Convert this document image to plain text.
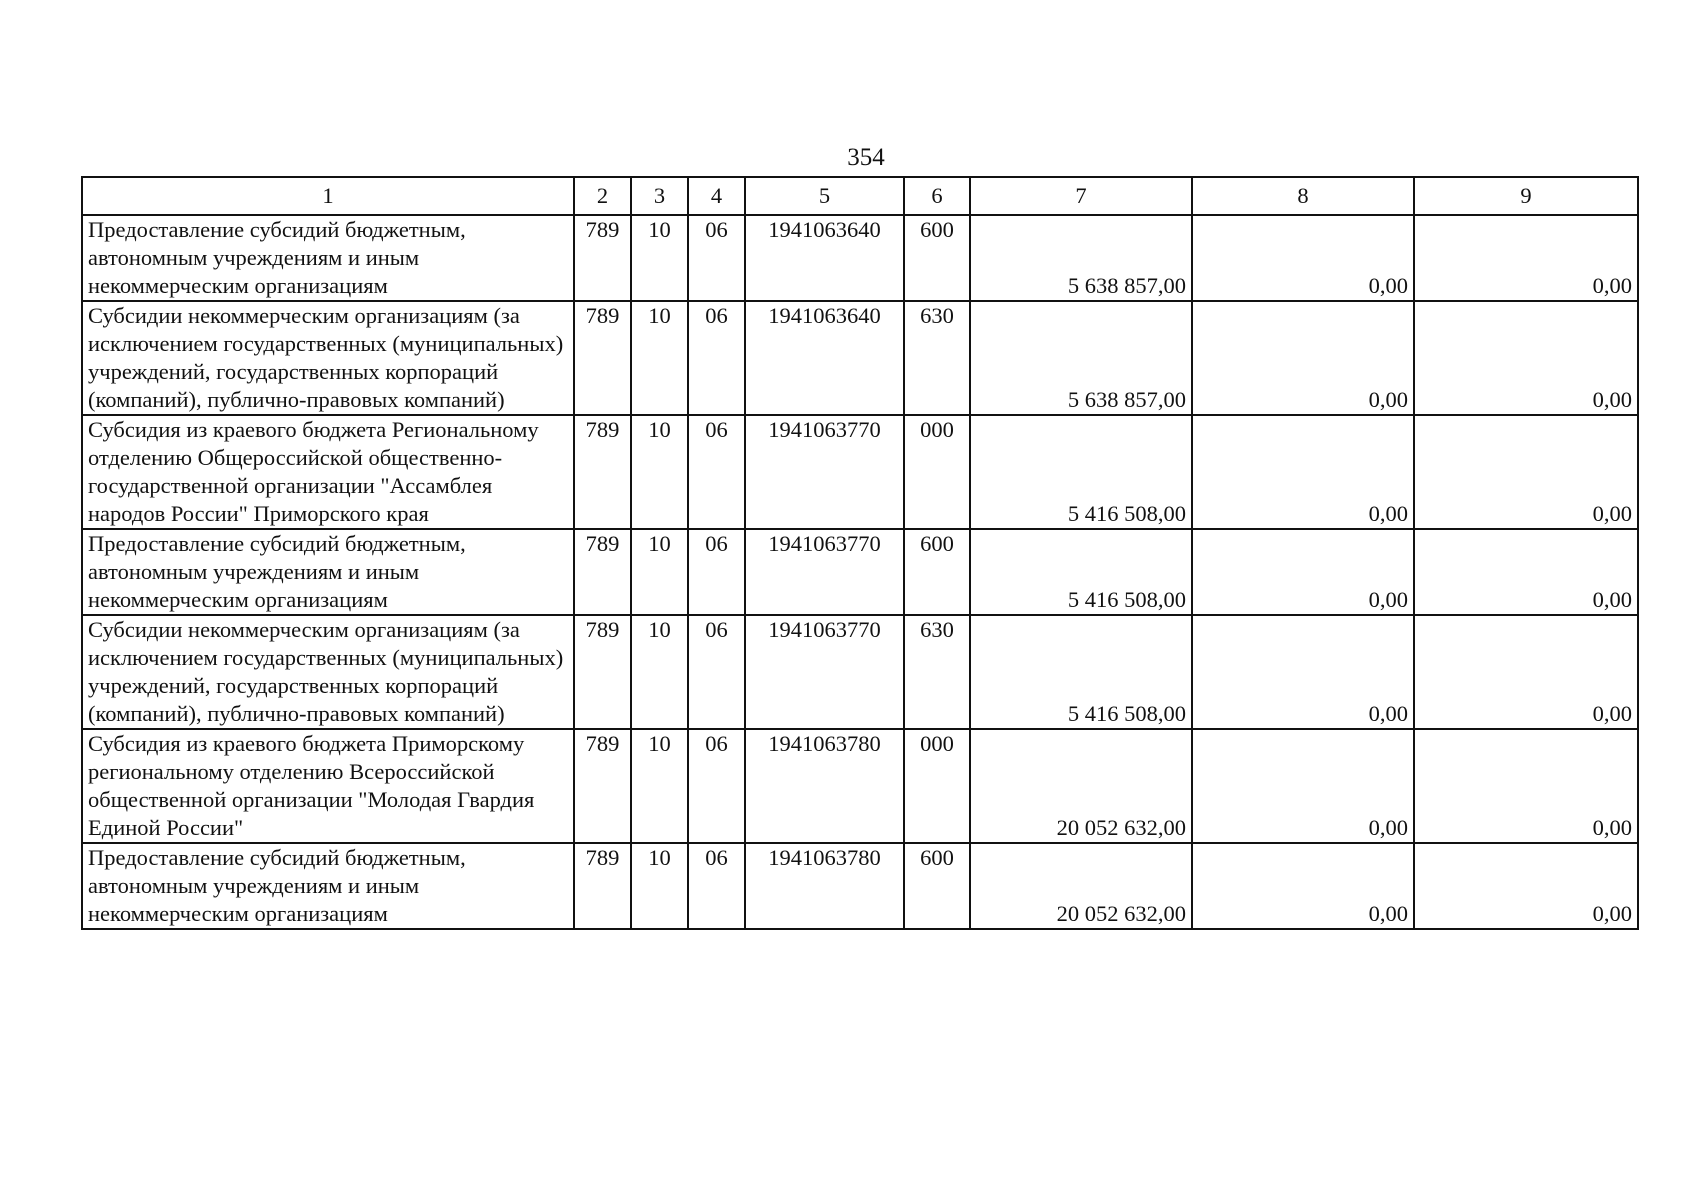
354
1	2	3	4	5	6	7	8	9
Предоставление субсидий бюджетным, автономным учреждениям и иным некоммерческим организациям	789	10	06	1941063640	600	5 638 857,00	0,00	0,00
Субсидии некоммерческим организациям (за исключением государственных (муниципальных) учреждений, государственных корпораций (компаний), публично-правовых компаний)	789	10	06	1941063640	630	5 638 857,00	0,00	0,00
Субсидия из краевого бюджета Региональному отделению Общероссийской общественно-государственной организации "Ассамблея народов России" Приморского края	789	10	06	1941063770	000	5 416 508,00	0,00	0,00
Предоставление субсидий бюджетным, автономным учреждениям и иным некоммерческим организациям	789	10	06	1941063770	600	5 416 508,00	0,00	0,00
Субсидии некоммерческим организациям (за исключением государственных (муниципальных) учреждений, государственных корпораций (компаний), публично-правовых компаний)	789	10	06	1941063770	630	5 416 508,00	0,00	0,00
Субсидия из краевого бюджета Приморскому региональному отделению Всероссийской общественной организации "Молодая Гвардия Единой России"	789	10	06	1941063780	000	20 052 632,00	0,00	0,00
Предоставление субсидий бюджетным, автономным учреждениям и иным некоммерческим организациям	789	10	06	1941063780	600	20 052 632,00	0,00	0,00
